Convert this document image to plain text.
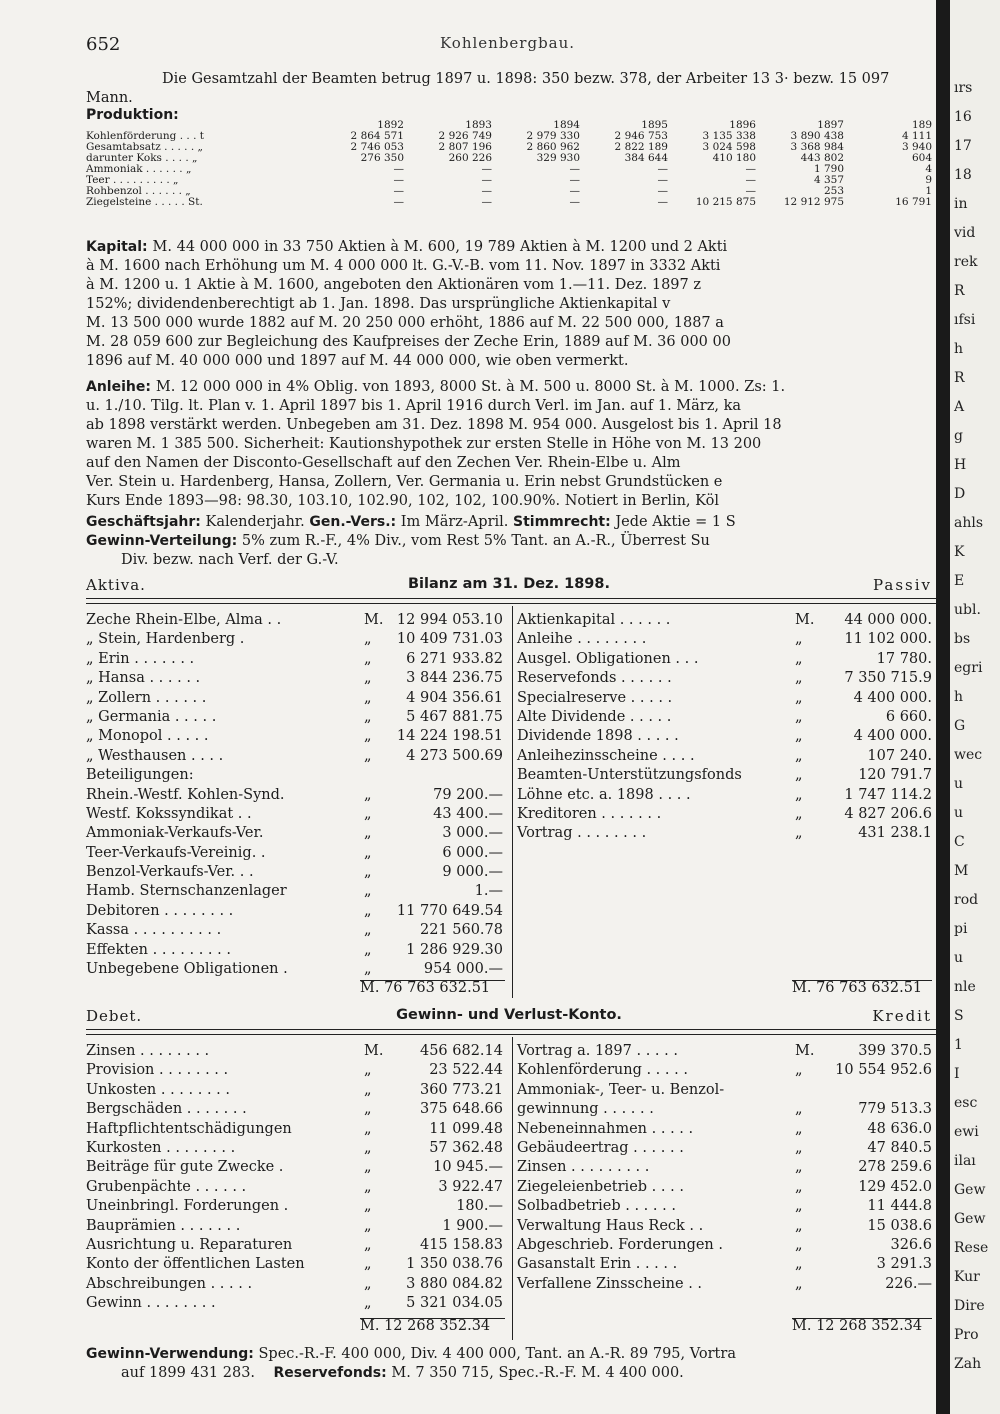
652	Kohlenbergbau.
Die Gesamtzahl der Beamten betrug 1897 u. 1898: 350 bezw. 378, der Arbeiter 13 3· bezw. 15 097 Mann.
Produktion:
	1892	1893	1894	1895	1896	1897	189
Kohlenförderung . . . t	2 864 571	2 926 749	2 979 330	2 946 753	3 135 338	3 890 438	4 111
Gesamtabsatz . . . . . „	2 746 053	2 807 196	2 860 962	2 822 189	3 024 598	3 368 984	3 940
darunter Koks . . . . „	276 350	260 226	329 930	384 644	410 180	443 802	604
Ammoniak . . . . . . „	—	—	—	—	—	1 790	4
Teer . . . . . . . . . „	—	—	—	—	—	4 357	9
Rohbenzol . . . . . . „	—	—	—	—	—	253	1
Ziegelsteine . . . . . St.	—	—	—	—	10 215 875	12 912 975	16 791
Kapital: M. 44 000 000 in 33 750 Aktien à M. 600, 19 789 Aktien à M. 1200 und 2 Akti
à M. 1600 nach Erhöhung um M. 4 000 000 lt. G.-V.-B. vom 11. Nov. 1897 in 3332 Akti
à M. 1200 u. 1 Aktie à M. 1600, angeboten den Aktionären vom 1.—11. Dez. 1897 z
152%; dividendenberechtigt ab 1. Jan. 1898. Das ursprüngliche Aktienkapital v
M. 13 500 000 wurde 1882 auf M. 20 250 000 erhöht, 1886 auf M. 22 500 000, 1887 a
M. 28 059 600 zur Begleichung des Kaufpreises der Zeche Erin, 1889 auf M. 36 000 00
1896 auf M. 40 000 000 und 1897 auf M. 44 000 000, wie oben vermerkt.
Anleihe: M. 12 000 000 in 4% Oblig. von 1893, 8000 St. à M. 500 u. 8000 St. à M. 1000. Zs: 1.
u. 1./10. Tilg. lt. Plan v. 1. April 1897 bis 1. April 1916 durch Verl. im Jan. auf 1. März, ka
ab 1898 verstärkt werden. Unbegeben am 31. Dez. 1898 M. 954 000. Ausgelost bis 1. April 18
waren M. 1 385 500. Sicherheit: Kautionshypothek zur ersten Stelle in Höhe von M. 13 200
auf den Namen der Disconto-Gesellschaft auf den Zechen Ver. Rhein-Elbe u. Alm
Ver. Stein u. Hardenberg, Hansa, Zollern, Ver. Germania u. Erin nebst Grundstücken e
Kurs Ende 1893—98: 98.30, 103.10, 102.90, 102, 102, 100.90%. Notiert in Berlin, Köl
Geschäftsjahr: Kalenderjahr. Gen.-Vers.: Im März-April. Stimmrecht: Jede Aktie = 1 S
Gewinn-Verteilung: 5% zum R.-F., 4% Div., vom Rest 5% Tant. an A.-R., Überrest Su
Div. bezw. nach Verf. der G.-V.
Bilanz am 31. Dez. 1898.
Aktiva.	Passiv
Zeche Rhein-Elbe, Alma . .	M. 12 994 053.10
„ Stein, Hardenberg .	„	10 409 731.03
„ Erin . . . . . . .	„	6 271 933.82
„ Hansa . . . . . .	„	3 844 236.75
„ Zollern . . . . . .	„	4 904 356.61
„ Germania . . . . .	„	5 467 881.75
„ Monopol . . . . .	„	14 224 198.51
„ Westhausen . . . .	„	4 273 500.69
Beteiligungen:
Rhein.-Westf. Kohlen-Synd.	„	79 200.—
Westf. Kokssyndikat . .	„	43 400.—
Ammoniak-Verkaufs-Ver.	„	3 000.—
Teer-Verkaufs-Vereinig. .	„	6 000.—
Benzol-Verkaufs-Ver. . .	„	9 000.—
Hamb. Sternschanzenlager	„	1.—
Debitoren . . . . . . . .	„	11 770 649.54
Kassa . . . . . . . . . .	„	221 560.78
Effekten . . . . . . . . .	„	1 286 929.30
Unbegebene Obligationen .	„	954 000.—
Aktienkapital . . . . . .	M.	44 000 000.
Anleihe . . . . . . . .	„	11 102 000.
Ausgel. Obligationen . . .	„	17 780.
Reservefonds . . . . . .	„	7 350 715.9
Specialreserve . . . . .	„	4 400 000.
Alte Dividende . . . . .	„	6 660.
Dividende 1898 . . . . .	„	4 400 000.
Anleihezinsscheine . . . .	„	107 240.
Beamten-Unterstützungsfonds	„	120 791.7
Löhne etc. a. 1898 . . . .	„	1 747 114.2
Kreditoren . . . . . . .	„	4 827 206.6
Vortrag . . . . . . . .	„	431 238.1
M. 76 763 632.51	M. 76 763 632.51
Gewinn- und Verlust-Konto.
Debet.	Kredit
Zinsen . . . . . . . .	M.	456 682.14
Provision . . . . . . . .	„	23 522.44
Unkosten . . . . . . . .	„	360 773.21
Bergschäden . . . . . . .	„	375 648.66
Haftpflichtentschädigungen	„	11 099.48
Kurkosten . . . . . . . .	„	57 362.48
Beiträge für gute Zwecke .	„	10 945.—
Grubenpächte . . . . . .	„	3 922.47
Uneinbringl. Forderungen .	„	180.—
Bauprämien . . . . . . .	„	1 900.—
Ausrichtung u. Reparaturen	„	415 158.83
Konto der öffentlichen Lasten	„	1 350 038.76
Abschreibungen . . . . .	„	3 880 084.82
Gewinn . . . . . . . .	„	5 321 034.05
Vortrag a. 1897 . . . . .	M.	399 370.5
Kohlenförderung . . . . .	„	10 554 952.6
Ammoniak-, Teer- u. Benzol-
gewinnung . . . . . .	„	779 513.3
Nebeneinnahmen . . . . .	„	48 636.0
Gebäudeertrag . . . . . .	„	47 840.5
Zinsen . . . . . . . . .	„	278 259.6
Ziegeleienbetrieb . . . .	„	129 452.0
Solbadbetrieb . . . . . .	„	11 444.8
Verwaltung Haus Reck . .	„	15 038.6
Abgeschrieb. Forderungen .	„	326.6
Gasanstalt Erin . . . . .	„	3 291.3
Verfallene Zinsscheine . .	„	226.—
M. 12 268 352.34	M. 12 268 352.34
Gewinn-Verwendung: Spec.-R.-F. 400 000, Div. 4 400 000, Tant. an A.-R. 89 795, Vortra
auf 1899 431 283. Reservefonds: M. 7 350 715, Spec.-R.-F. M. 4 400 000.
ırs
16
17
18
in
vid
rek
R
ıfsi
h
R
A
g
H
D
ahls
K
E
ubl.
bs
egri
h
G
wec
u
u
C
M
rod
pi
u
nle
S
1
I
esc
ewi
ilaı
Gew
Gew
Rese
Kur
Dire
Pro
Zah
